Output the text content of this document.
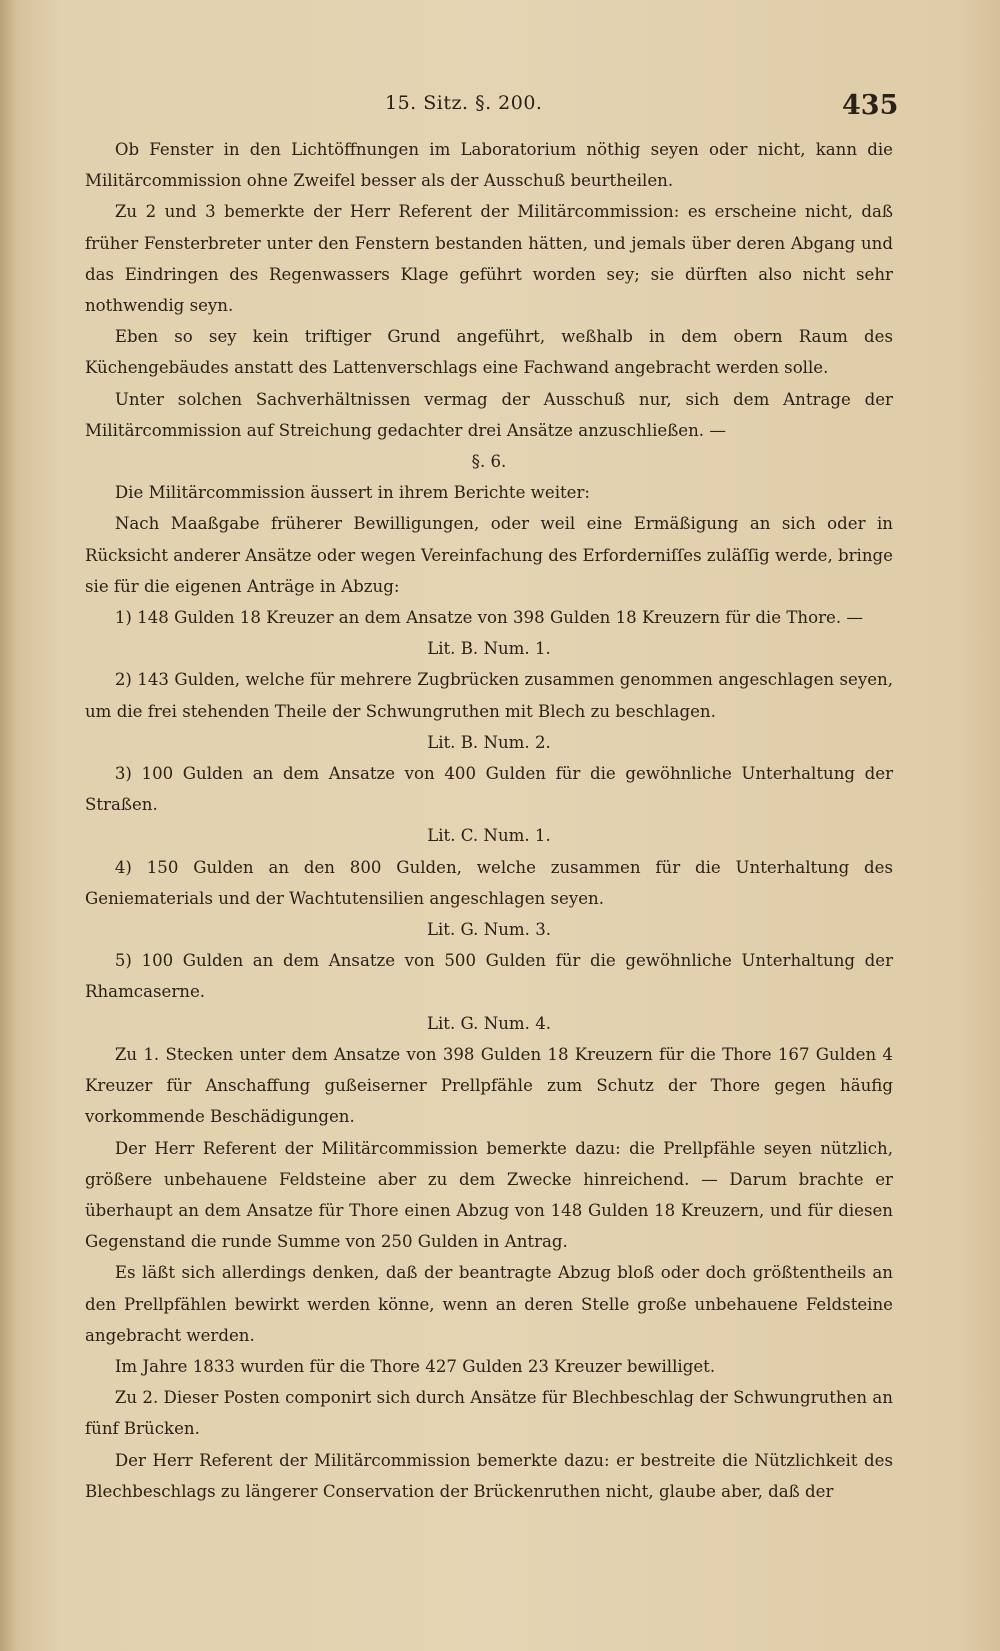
15. Sitz. §. 200.	435

Ob Fenster in den Lichtöffnungen im Laboratorium nöthig seyen oder nicht, kann die Militärcommission ohne Zweifel besser als der Ausschuß beurtheilen.

Zu 2 und 3 bemerkte der Herr Referent der Militärcommission: es erscheine nicht, daß früher Fensterbreter unter den Fenstern bestanden hätten, und jemals über deren Abgang und das Eindringen des Regenwassers Klage geführt worden sey; sie dürften also nicht sehr nothwendig seyn.

Eben so sey kein triftiger Grund angeführt, weßhalb in dem obern Raum des Küchengebäudes anstatt des Lattenverschlags eine Fachwand angebracht werden solle.

Unter solchen Sachverhältnissen vermag der Ausschuß nur, sich dem Antrage der Militärcommission auf Streichung gedachter drei Ansätze anzuschließen. —

§. 6.

Die Militärcommission äussert in ihrem Berichte weiter:

Nach Maaßgabe früherer Bewilligungen, oder weil eine Ermäßigung an sich oder in Rücksicht anderer Ansätze oder wegen Vereinfachung des Erforderniſſes zuläſſig werde, bringe sie für die eigenen Anträge in Abzug:

1) 148 Gulden 18 Kreuzer an dem Ansatze von 398 Gulden 18 Kreuzern für die Thore. —

Lit. B. Num. 1.

2) 143 Gulden, welche für mehrere Zugbrücken zusammen genommen angeschlagen seyen, um die frei stehenden Theile der Schwungruthen mit Blech zu beschlagen.

Lit. B. Num. 2.

3) 100 Gulden an dem Ansatze von 400 Gulden für die gewöhnliche Unterhaltung der Straßen.

Lit. C. Num. 1.

4) 150 Gulden an den 800 Gulden, welche zusammen für die Unterhaltung des Geniematerials und der Wachtutensilien angeschlagen seyen.

Lit. G. Num. 3.

5) 100 Gulden an dem Ansatze von 500 Gulden für die gewöhnliche Unterhaltung der Rhamcaserne.

Lit. G. Num. 4.

Zu 1. Stecken unter dem Ansatze von 398 Gulden 18 Kreuzern für die Thore 167 Gulden 4 Kreuzer für Anschaffung gußeiserner Prellpfähle zum Schutz der Thore gegen häufig vorkommende Beschädigungen.

Der Herr Referent der Militärcommission bemerkte dazu: die Prellpfähle seyen nützlich, größere unbehauene Feldsteine aber zu dem Zwecke hinreichend. — Darum brachte er überhaupt an dem Ansatze für Thore einen Abzug von 148 Gulden 18 Kreuzern, und für diesen Gegenstand die runde Summe von 250 Gulden in Antrag.

Es läßt sich allerdings denken, daß der beantragte Abzug bloß oder doch größtentheils an den Prellpfählen bewirkt werden könne, wenn an deren Stelle große unbehauene Feldsteine angebracht werden.

Im Jahre 1833 wurden für die Thore 427 Gulden 23 Kreuzer bewilliget.

Zu 2. Dieser Posten componirt sich durch Ansätze für Blechbeschlag der Schwungruthen an fünf Brücken.

Der Herr Referent der Militärcommission bemerkte dazu: er bestreite die Nützlichkeit des Blechbeschlags zu längerer Conservation der Brückenruthen nicht, glaube aber, daß der
